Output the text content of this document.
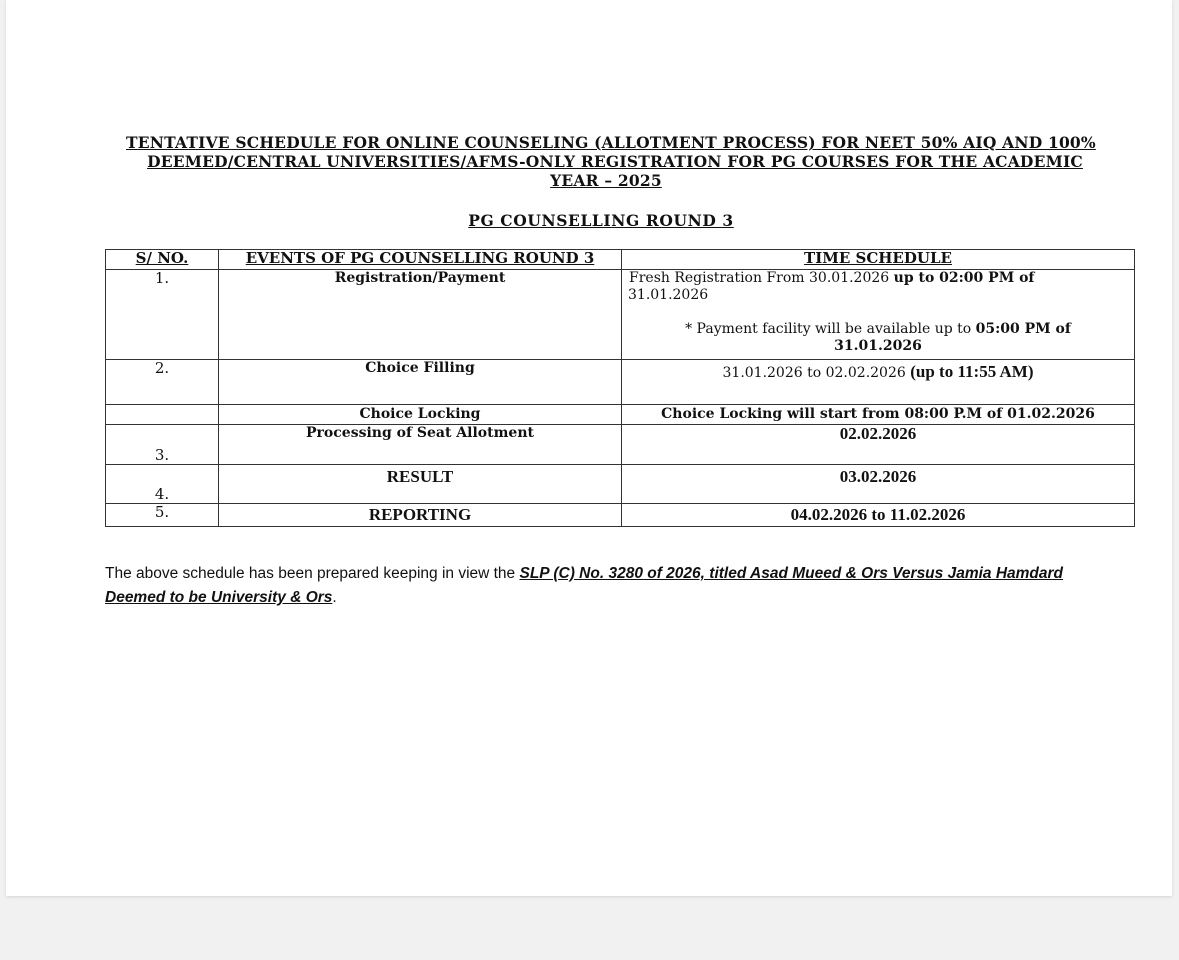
TENTATIVE SCHEDULE FOR ONLINE COUNSELING (ALLOTMENT PROCESS) FOR NEET 50% AIQ AND 100%
DEEMED/CENTRAL UNIVERSITIES/AFMS-ONLY REGISTRATION FOR PG COURSES FOR THE ACADEMIC
YEAR – 2025
PG COUNSELLING ROUND 3
S/ NO.	EVENTS OF PG COUNSELLING ROUND 3	TIME SCHEDULE
1.	Registration/Payment	Fresh Registration From 30.01.2026 up to 02:00 PM of
31.01.2026
* Payment facility will be available up to 05:00 PM of
31.01.2026

2.	Choice Filling	31.01.2026 to 02.02.2026 (up to 11:55 AM)
	Choice Locking	Choice Locking will start from 08:00 P.M of 01.02.2026
3.	Processing of Seat Allotment	02.02.2026
4.	RESULT	03.02.2026
5.	REPORTING	04.02.2026 to 11.02.2026
The above schedule has been prepared keeping in view the SLP (C) No. 3280 of 2026, titled Asad Mueed & Ors Versus Jamia Hamdard Deemed to be University & Ors.
